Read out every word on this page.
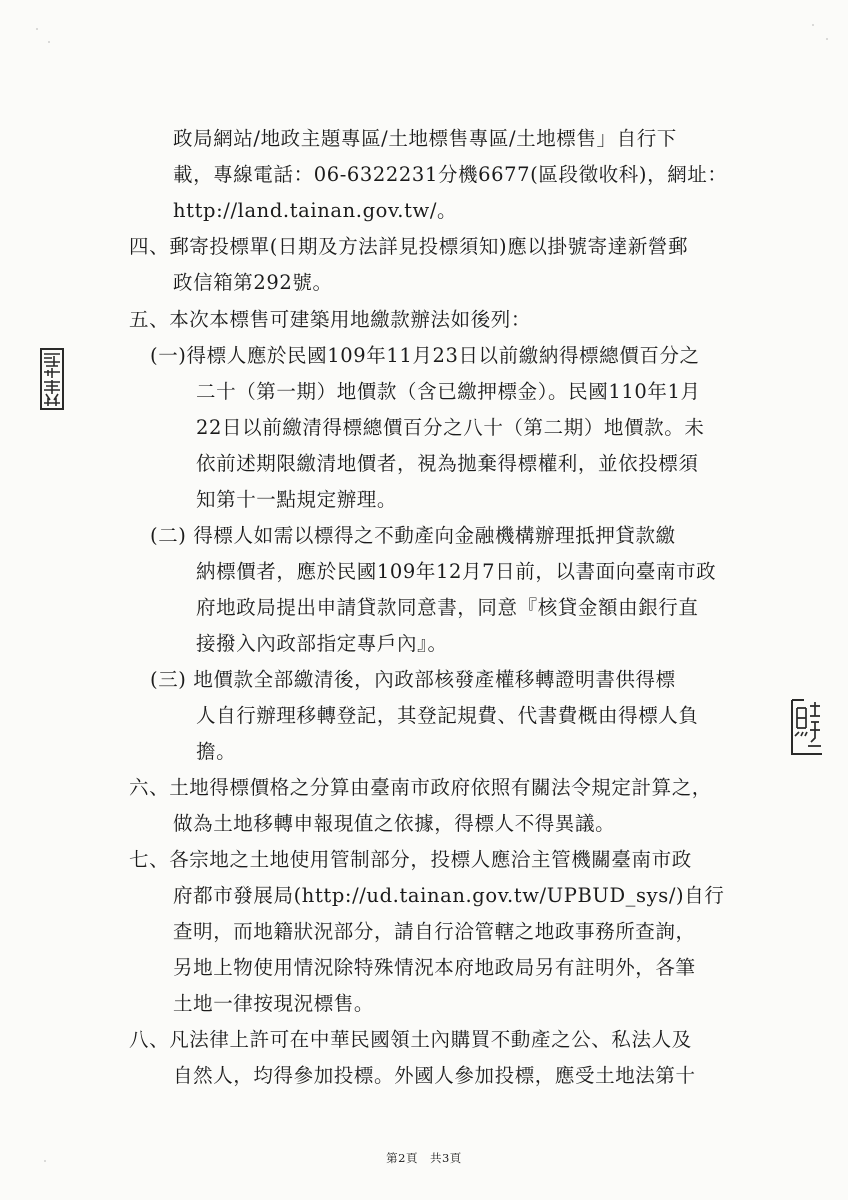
政局網站/地政主題專區/土地標售專區/土地標售」自行下
載，專線電話：06-6322231分機6677(區段徵收科)，網址：
http://land.tainan.gov.tw/。
四、郵寄投標單(日期及方法詳見投標須知)應以掛號寄達新營郵
政信箱第292號。
五、本次本標售可建築用地繳款辦法如後列：
(一)得標人應於民國109年11月23日以前繳納得標總價百分之
二十（第一期）地價款（含已繳押標金）。民國110年1月
22日以前繳清得標總價百分之八十（第二期）地價款。未
依前述期限繳清地價者，視為拋棄得標權利，並依投標須
知第十一點規定辦理。
(二) 得標人如需以標得之不動產向金融機構辦理抵押貸款繳
納標價者，應於民國109年12月7日前，以書面向臺南市政
府地政局提出申請貸款同意書，同意『核貸金額由銀行直
接撥入內政部指定專戶內』。
(三) 地價款全部繳清後，內政部核發產權移轉證明書供得標
人自行辦理移轉登記，其登記規費、代書費概由得標人負
擔。
六、土地得標價格之分算由臺南市政府依照有關法令規定計算之，
做為土地移轉申報現值之依據，得標人不得異議。
七、各宗地之土地使用管制部分，投標人應洽主管機關臺南市政
府都市發展局(http://ud.tainan.gov.tw/UPBUD_sys/)自行
查明，而地籍狀況部分，請自行洽管轄之地政事務所查詢，
另地上物使用情況除特殊情況本府地政局另有註明外，各筆
土地一律按現況標售。
八、凡法律上許可在中華民國領土內購買不動產之公、私法人及
自然人，均得參加投標。外國人參加投標，應受土地法第十
第2頁　共3頁
